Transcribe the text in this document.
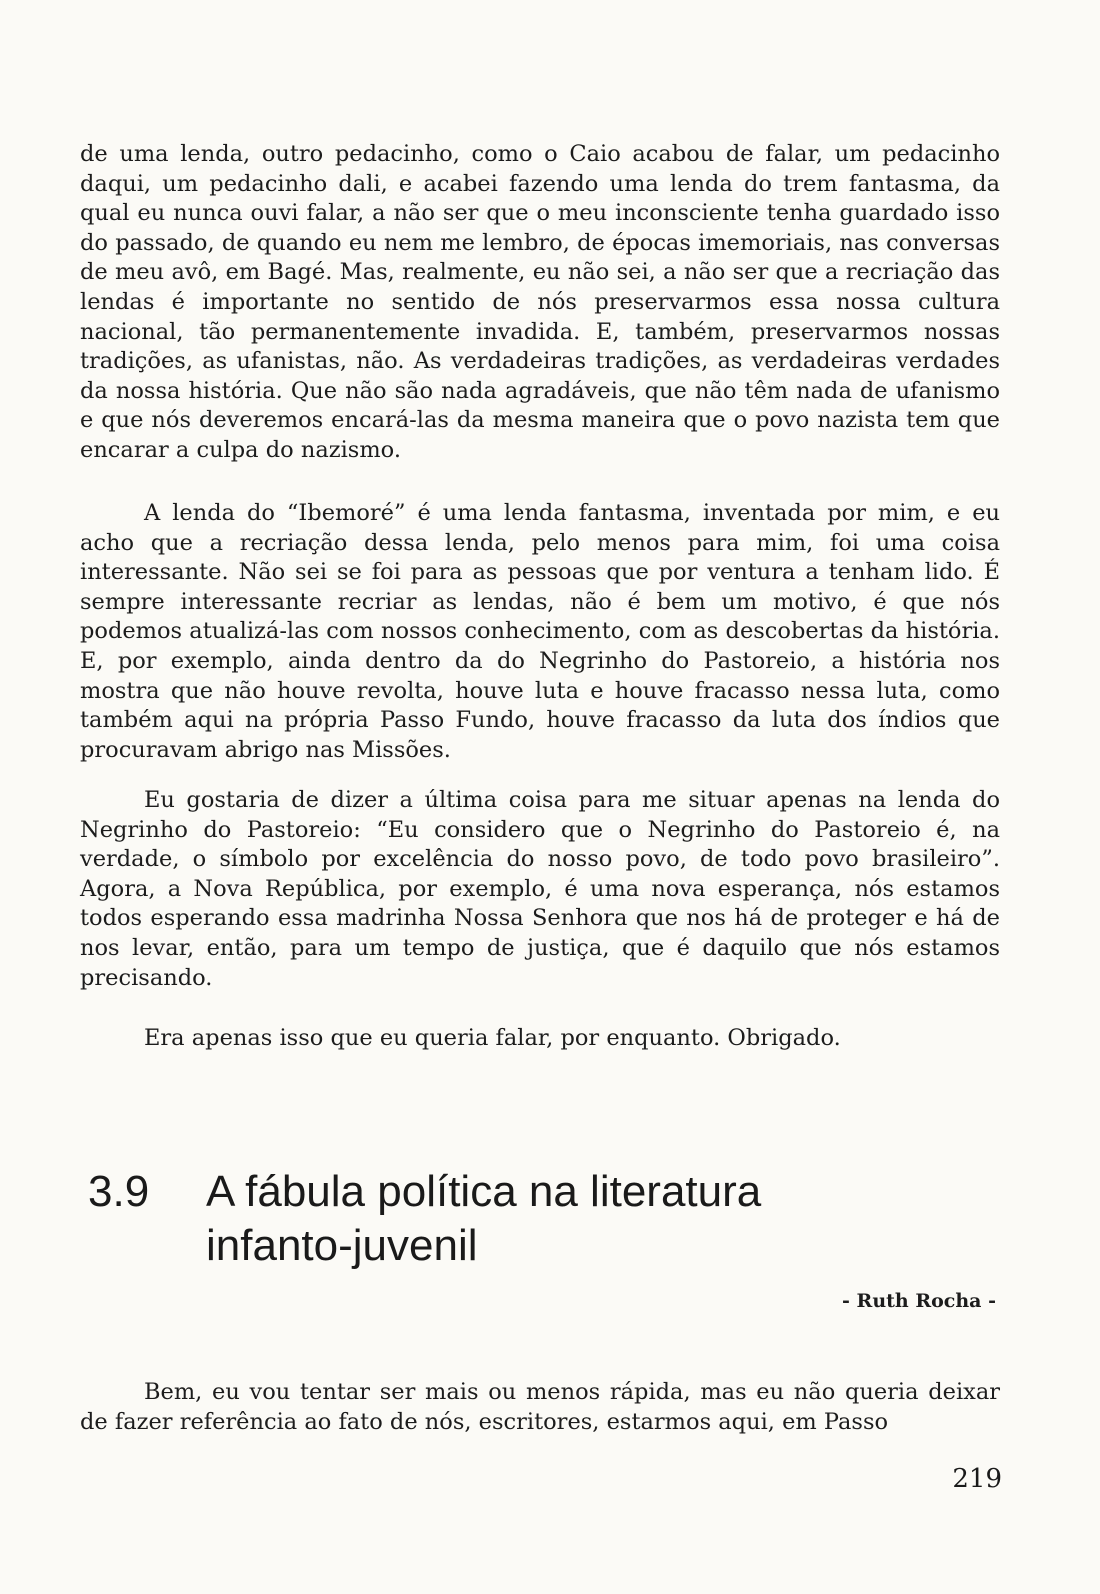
de uma lenda, outro pedacinho, como o Caio acabou de falar, um pedacinho daqui, um pedacinho dali, e acabei fazendo uma lenda do trem fantasma, da qual eu nunca ouvi falar, a não ser que o meu inconsciente tenha guardado isso do passado, de quando eu nem me lembro, de épocas imemoriais, nas conversas de meu avô, em Bagé. Mas, realmente, eu não sei, a não ser que a recriação das lendas é importante no sentido de nós preservarmos essa nossa cultura nacional, tão permanentemente invadida. E, também, preservarmos nossas tradições, as ufanistas, não. As verdadeiras tradições, as verdadeiras verdades da nossa história. Que não são nada agradáveis, que não têm nada de ufanismo e que nós deveremos encará-las da mesma maneira que o povo nazista tem que encarar a culpa do nazismo.

A lenda do “Ibemoré” é uma lenda fantasma, inventada por mim, e eu acho que a recriação dessa lenda, pelo menos para mim, foi uma coisa interessante. Não sei se foi para as pessoas que por ventura a tenham lido. É sempre interessante recriar as lendas, não é bem um motivo, é que nós podemos atualizá-las com nossos conhecimento, com as descobertas da história. E, por exemplo, ainda dentro da do Negrinho do Pastoreio, a história nos mostra que não houve revolta, houve luta e houve fracasso nessa luta, como também aqui na própria Passo Fundo, houve fracasso da luta dos índios que procuravam abrigo nas Missões.

Eu gostaria de dizer a última coisa para me situar apenas na lenda do Negrinho do Pastoreio: “Eu considero que o Negrinho do Pastoreio é, na verdade, o símbolo por excelência do nosso povo, de todo povo brasileiro”. Agora, a Nova República, por exemplo, é uma nova esperança, nós estamos todos esperando essa madrinha Nossa Senhora que nos há de proteger e há de nos levar, então, para um tempo de justiça, que é daquilo que nós estamos precisando.

Era apenas isso que eu queria falar, por enquanto. Obrigado.

3.9	A fábula política na literatura
infanto-juvenil
- Ruth Rocha -

Bem, eu vou tentar ser mais ou menos rápida, mas eu não queria deixar de fazer referência ao fato de nós, escritores, estarmos aqui, em Passo

219
